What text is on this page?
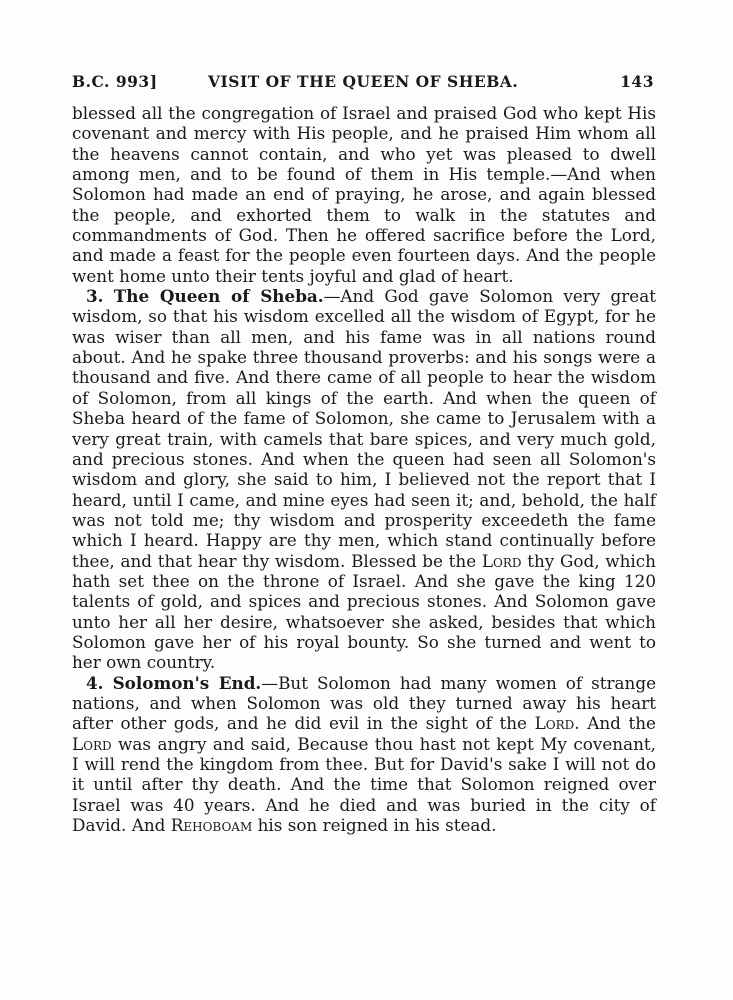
B.C. 993]	VISIT OF THE QUEEN OF SHEBA.	143

blessed all the congregation of Israel and praised God who kept His covenant and mercy with His people, and he praised Him whom all the heavens cannot contain, and who yet was pleased to dwell among men, and to be found of them in His temple.—And when Solomon had made an end of praying, he arose, and again blessed the people, and exhorted them to walk in the statutes and commandments of God. Then he offered sacrifice before the Lord, and made a feast for the people even fourteen days. And the people went home unto their tents joyful and glad of heart.

3. The Queen of Sheba.—And God gave Solomon very great wisdom, so that his wisdom excelled all the wisdom of Egypt, for he was wiser than all men, and his fame was in all nations round about. And he spake three thousand proverbs: and his songs were a thousand and five. And there came of all people to hear the wisdom of Solomon, from all kings of the earth. And when the queen of Sheba heard of the fame of Solomon, she came to Jerusalem with a very great train, with camels that bare spices, and very much gold, and precious stones. And when the queen had seen all Solomon's wisdom and glory, she said to him, I believed not the report that I heard, until I came, and mine eyes had seen it; and, behold, the half was not told me; thy wisdom and prosperity exceedeth the fame which I heard. Happy are thy men, which stand continually before thee, and that hear thy wisdom. Blessed be the Lord thy God, which hath set thee on the throne of Israel. And she gave the king 120 talents of gold, and spices and precious stones. And Solomon gave unto her all her desire, whatsoever she asked, besides that which Solomon gave her of his royal bounty. So she turned and went to her own country.

4. Solomon's End.—But Solomon had many women of strange nations, and when Solomon was old they turned away his heart after other gods, and he did evil in the sight of the Lord. And the Lord was angry and said, Because thou hast not kept My covenant, I will rend the kingdom from thee. But for David's sake I will not do it until after thy death. And the time that Solomon reigned over Israel was 40 years. And he died and was buried in the city of David. And Rehoboam his son reigned in his stead.
